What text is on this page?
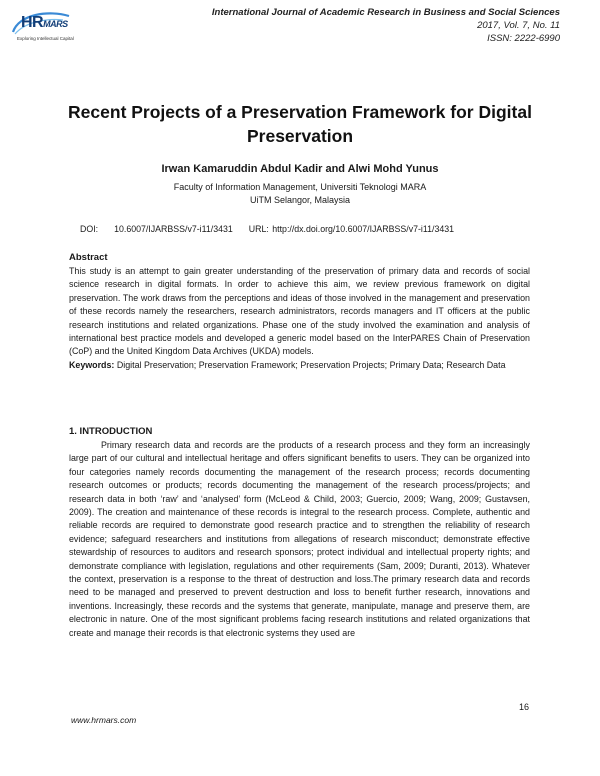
HRMARS
Exploring Intellectual Capital
International Journal of Academic Research in Business and Social Sciences
2017, Vol. 7, No. 11
ISSN: 2222-6990
Recent Projects of a Preservation Framework for Digital
Preservation
Irwan Kamaruddin Abdul Kadir and Alwi Mohd Yunus
Faculty of Information Management, Universiti Teknologi MARA
UiTM Selangor, Malaysia
DOI: 10.6007/IJARBSS/v7-i11/3431 URL: http://dx.doi.org/10.6007/IJARBSS/v7-i11/3431
Abstract

This study is an attempt to gain greater understanding of the preservation of primary data and records of social science research in digital formats. In order to achieve this aim, we review previous framework on digital preservation. The work draws from the perceptions and ideas of those involved in the management and preservation of these records namely the researchers, research administrators, records managers and IT officers at the public research institutions and related organizations. Phase one of the study involved the examination and analysis of international best practice models and developed a generic model based on the InterPARES Chain of Preservation (CoP) and the United Kingdom Data Archives (UKDA) models.

Keywords: Digital Preservation; Preservation Framework; Preservation Projects; Primary Data; Research Data

1. INTRODUCTION

Primary research data and records are the products of a research process and they form an increasingly large part of our cultural and intellectual heritage and offers significant benefits to users. They can be organized into four categories namely records documenting the management of the research process; records documenting research outcomes or products; records documenting the management of the research process/projects; and research data in both ‘raw’ and ‘analysed’ form (McLeod & Child, 2003; Guercio, 2009; Wang, 2009; Gustavsen, 2009). The creation and maintenance of these records is integral to the research process. Complete, authentic and reliable records are required to demonstrate good research practice and to strengthen the reliability of research evidence; safeguard researchers and institutions from allegations of research misconduct; demonstrate effective stewardship of resources to auditors and research sponsors; protect individual and intellectual property rights; and demonstrate compliance with legislation, regulations and other requirements (Sam, 2009; Duranti, 2013). Whatever the context, preservation is a response to the threat of destruction and loss.The primary research data and records need to be managed and preserved to prevent destruction and loss to benefit further research, innovations and inventions. Increasingly, these records and the systems that generate, manipulate, manage and preserve them, are electronic in nature. One of the most significant problems facing research institutions and related organizations that create and manage their records is that electronic systems they used are

16
www.hrmars.com
